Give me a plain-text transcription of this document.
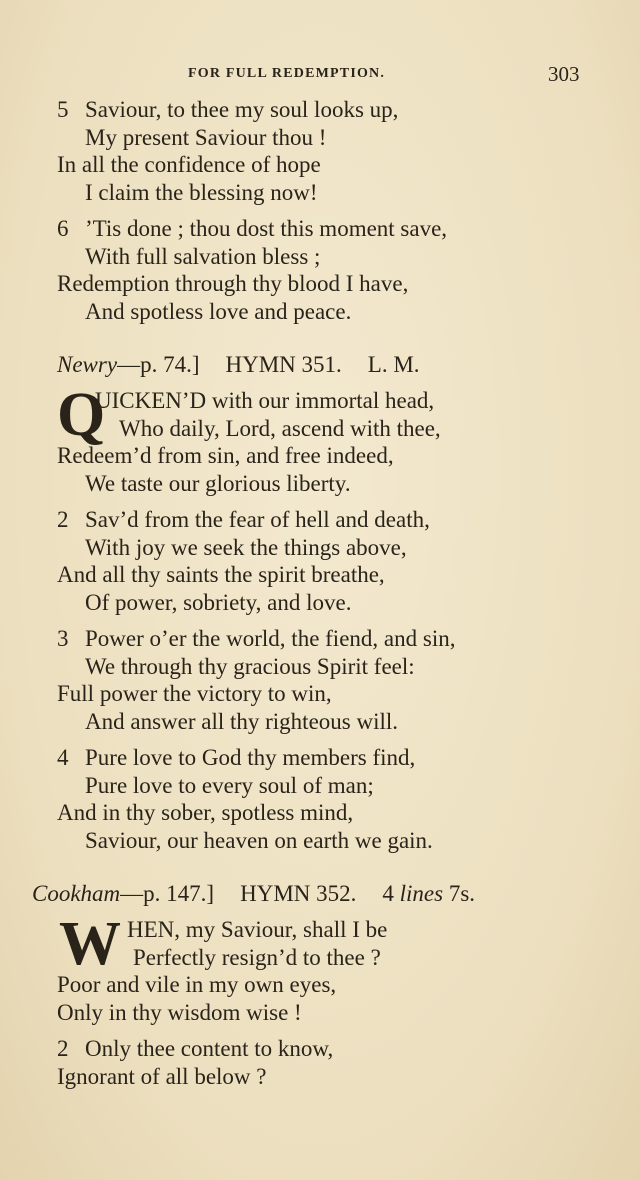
FOR FULL REDEMPTION.	303
5 Saviour, to thee my soul looks up,
My present Saviour thou !
In all the confidence of hope
I claim the blessing now!
6 ’Tis done ; thou dost this moment save,
With full salvation bless ;
Redemption through thy blood I have,
And spotless love and peace.
Newry—p. 74.] HYMN 351. L. M.
Q
UICKEN’D with our immortal head,
Who daily, Lord, ascend with thee,
Redeem’d from sin, and free indeed,
We taste our glorious liberty.
2 Sav’d from the fear of hell and death,
With joy we seek the things above,
And all thy saints the spirit breathe,
Of power, sobriety, and love.
3 Power o’er the world, the fiend, and sin,
We through thy gracious Spirit feel:
Full power the victory to win,
And answer all thy righteous will.
4 Pure love to God thy members find,
Pure love to every soul of man;
And in thy sober, spotless mind,
Saviour, our heaven on earth we gain.
Cookham—p. 147.] HYMN 352. 4 lines 7s.
W HEN, my Saviour, shall I be
Perfectly resign’d to thee ?
Poor and vile in my own eyes,
Only in thy wisdom wise !
2 Only thee content to know,
Ignorant of all below ?
